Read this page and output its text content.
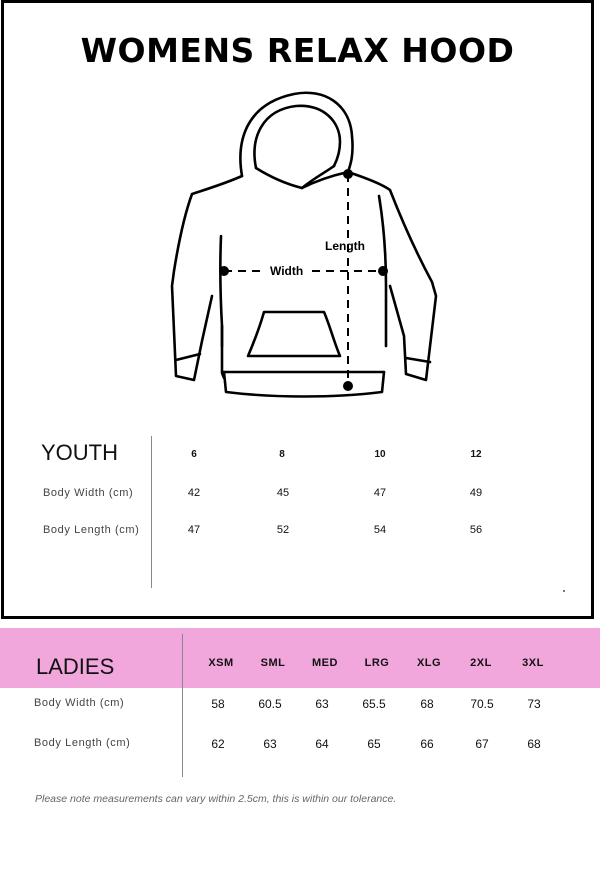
WOMENS RELAX HOOD
Length
Width
YOUTH	6	8	10	12
Body Width (cm)	42	45	47	49
Body Length (cm)	47	52	54	56
LADIES	XSM SML MED LRG	XLG	2XL	3XL
Body Width (cm)	58	60.5	63	65.5	68	70.5	73
Body Length (cm)	62	63	64	65	66	67	68
Please note measurements can vary within 2.5cm, this is within our tolerance.
